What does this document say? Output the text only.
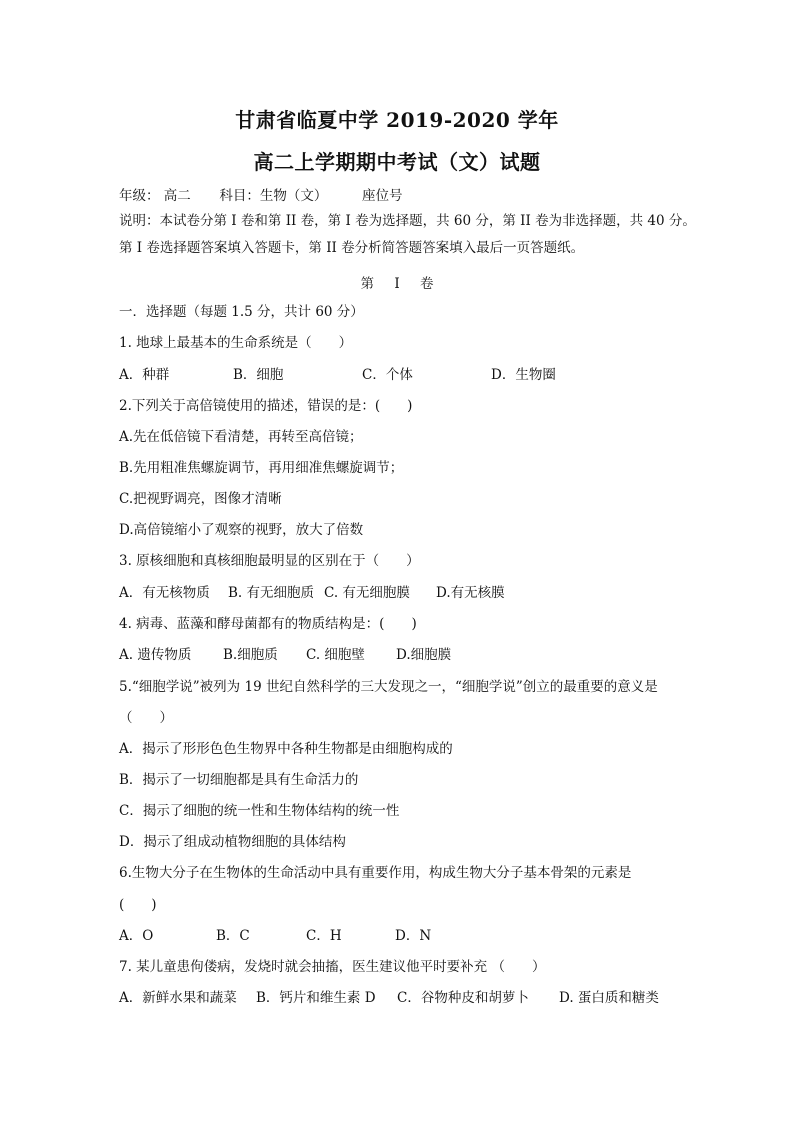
甘肃省临夏中学 2019-2020 学年
高二上学期期中考试（文）试题
年级： 高二 科目：生物（文）	座位号
说明：本试卷分第 I 卷和第 II 卷，第 I 卷为选择题，共 60 分，第 II 卷为非选择题，共 40 分。
第 I 卷选择题答案填入答题卡，第 II 卷分析简答题答案填入最后一页答题纸。
第 I 卷
一．选择题（每题 1.5 分，共计 60 分）
1. 地球上最基本的生命系统是（　　）
A．种群	B．细胞	C．个体	D．生物圈
2.下列关于高倍镜使用的描述，错误的是：(　　)
A.先在低倍镜下看清楚，再转至高倍镜；
B.先用粗准焦螺旋调节，再用细准焦螺旋调节；
C.把视野调亮，图像才清晰
D.高倍镜缩小了观察的视野，放大了倍数
3. 原核细胞和真核细胞最明显的区别在于（　　）
A．有无核物质 B. 有无细胞质 C. 有无细胞膜 D.有无核膜
4. 病毒、蓝藻和酵母菌都有的物质结构是：(　　)
A. 遗传物质 B.细胞质 C. 细胞壁 D.细胞膜
5.“细胞学说”被列为 19 世纪自然科学的三大发现之一，“细胞学说”创立的最重要的意义是
（　　）
A．揭示了形形色色生物界中各种生物都是由细胞构成的
B．揭示了一切细胞都是具有生命活力的
C．揭示了细胞的统一性和生物体结构的统一性
D．揭示了组成动植物细胞的具体结构
6.生物大分子在生物体的生命活动中具有重要作用，构成生物大分子基本骨架的元素是
(　　)
A．O	B．C	C．H	D．N
7. 某儿童患佝偻病，发烧时就会抽搐，医生建议他平时要补充 （　　）
A．新鲜水果和蔬菜 B．钙片和维生素 D C．谷物种皮和胡萝卜 D. 蛋白质和糖类
